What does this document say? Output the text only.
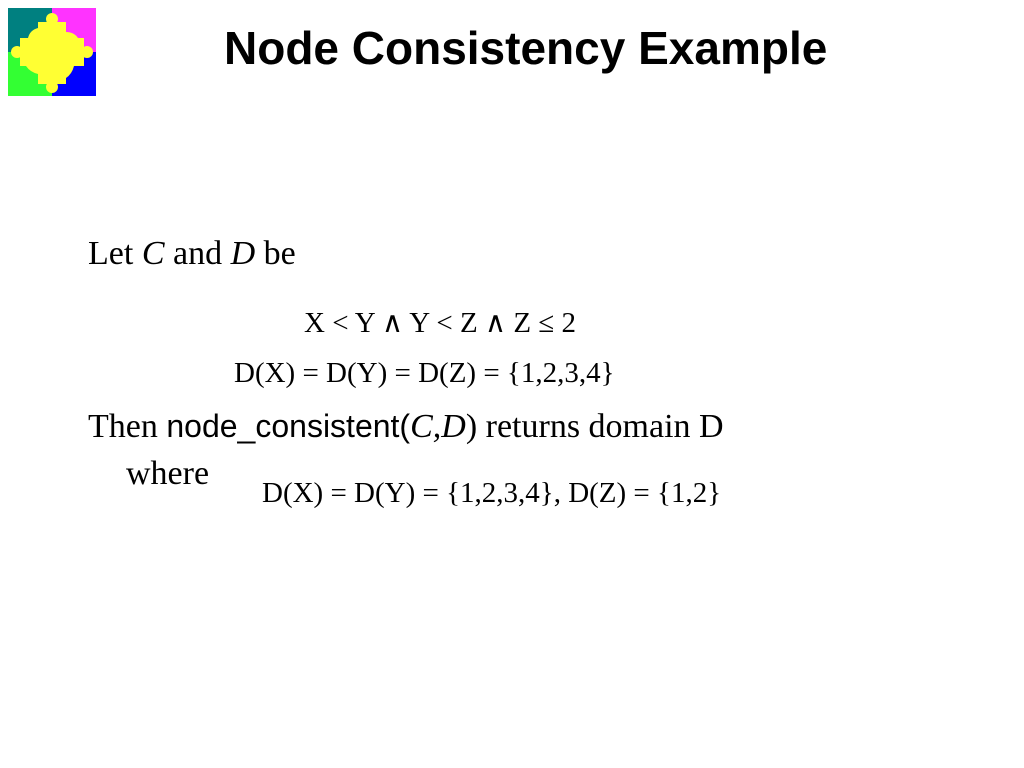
Node Consistency Example
Let C and D be
X < Y ∧ Y < Z ∧ Z ≤ 2
D(X) = D(Y) = D(Z) = {1,2,3,4}
Then node_consistent(C,D) returns domain D
where
D(X) = D(Y) = {1,2,3,4}, D(Z) = {1,2}
